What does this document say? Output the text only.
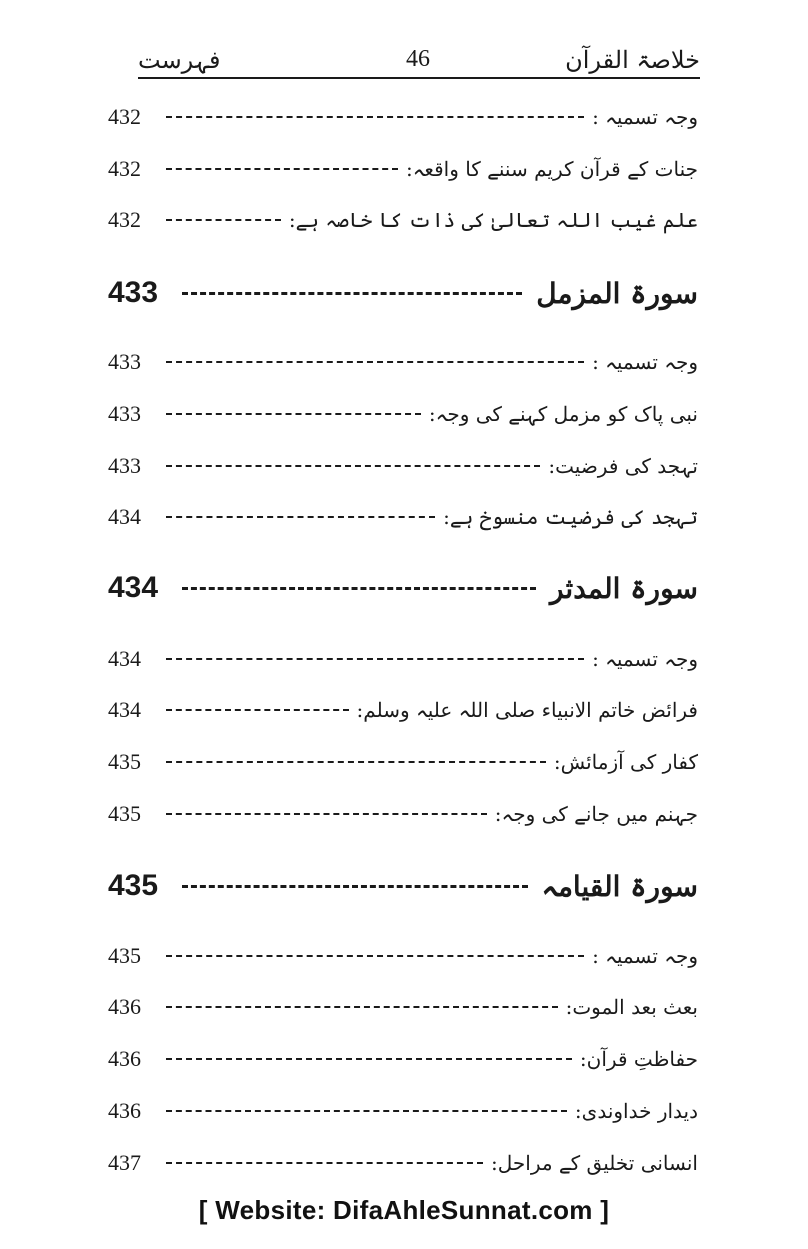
خلاصۃ القرآن
46
فہرست
432	وجہ تسمیہ :
432	جنات کے قرآن کریم سننے کا واقعہ:
432	علم غیب اللہ تعالیٰ کی ذات کا خاصہ ہے:
433	سورۃ المزمل
433	وجہ تسمیہ :
433	نبی پاک کو مزمل کہنے کی وجہ:
433	تہجد کی فرضیت:
434	تہجد کی فرضیت منسوخ ہے:
434	سورۃ المدثر
434	وجہ تسمیہ :
434	فرائض خاتم الانبیاء صلی اللہ علیہ وسلم:
435	کفار کی آزمائش:
435	جہنم میں جانے کی وجہ:
435	سورۃ القیامہ
435	وجہ تسمیہ :
436	بعث بعد الموت:
436	حفاظتِ قرآن:
436	دیدار خداوندی:
437	انسانی تخلیق کے مراحل:
[ Website: DifaAhleSunnat.com ]
